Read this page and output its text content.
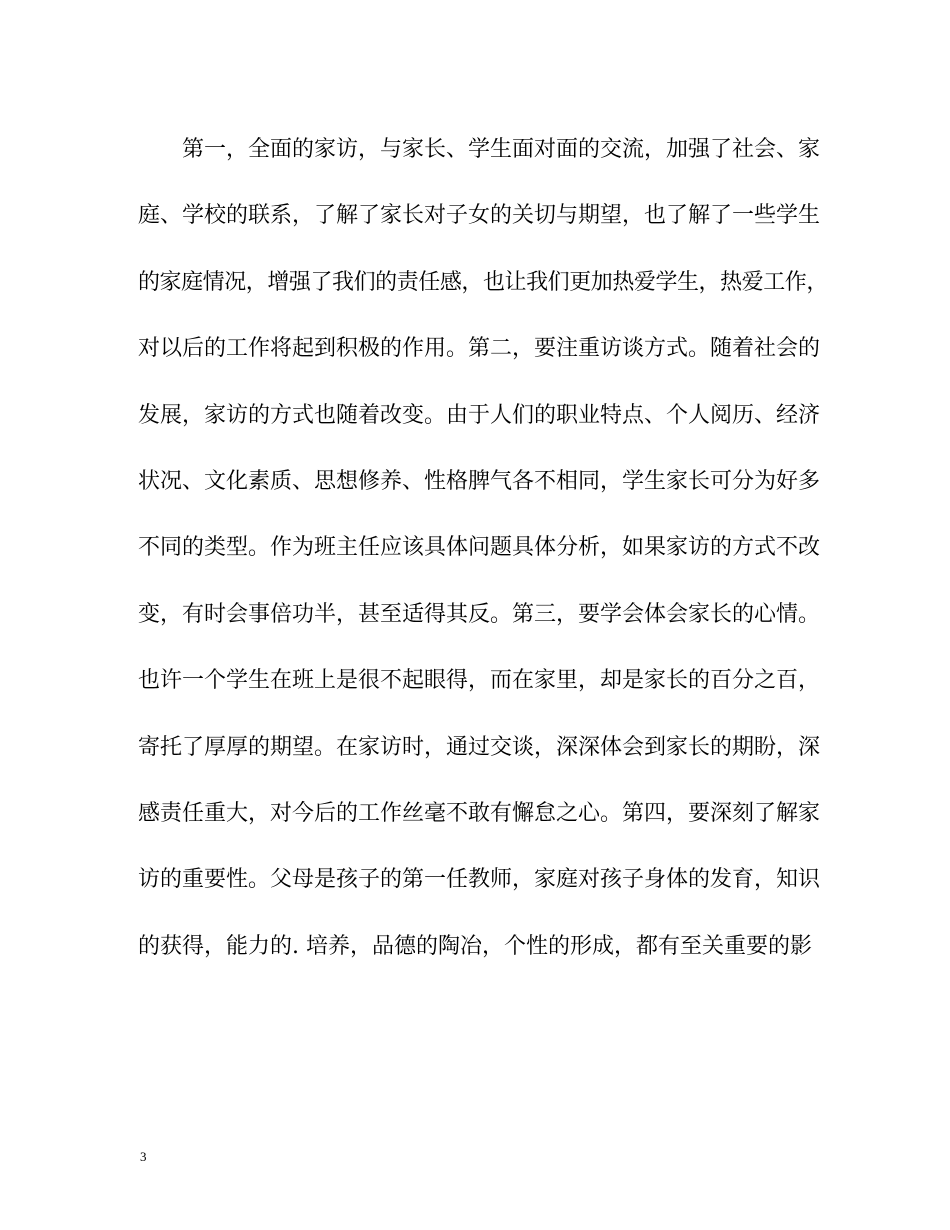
第一，全面的家访，与家长、学生面对面的交流，加强了社会、家
庭、学校的联系，了解了家长对子女的关切与期望，也了解了一些学生
的家庭情况，增强了我们的责任感，也让我们更加热爱学生，热爱工作，
对以后的工作将起到积极的作用。第二，要注重访谈方式。随着社会的
发展，家访的方式也随着改变。由于人们的职业特点、个人阅历、经济
状况、文化素质、思想修养、性格脾气各不相同，学生家长可分为好多
不同的类型。作为班主任应该具体问题具体分析，如果家访的方式不改
变，有时会事倍功半，甚至适得其反。第三，要学会体会家长的心情。
也许一个学生在班上是很不起眼得，而在家里，却是家长的百分之百，
寄托了厚厚的期望。在家访时，通过交谈，深深体会到家长的期盼，深
感责任重大，对今后的工作丝毫不敢有懈怠之心。第四，要深刻了解家
访的重要性。父母是孩子的第一任教师，家庭对孩子身体的发育，知识
的获得，能力的. 培养，品德的陶冶，个性的形成，都有至关重要的影
3
